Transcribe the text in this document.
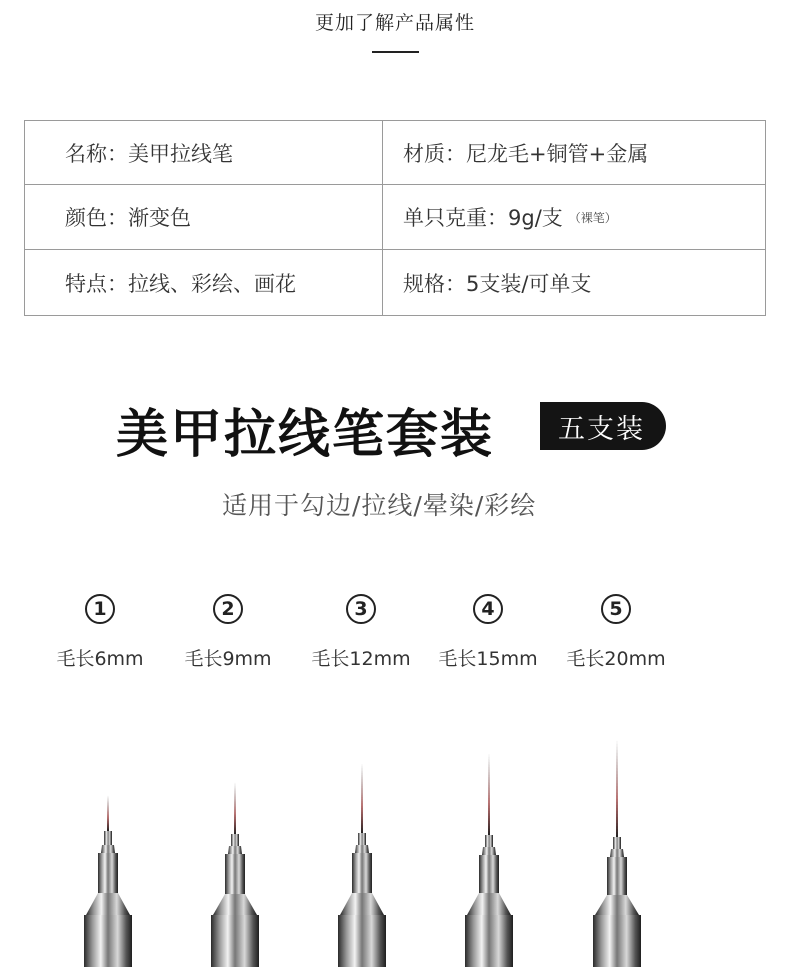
更加了解产品属性
名称：美甲拉线笔	材质：尼龙毛+铜管+金属
颜色：渐变色	单只克重：9g/支 （裸笔）
特点：拉线、彩绘、画花	规格：5支装/可单支
美甲拉线笔套装	五支装
适用于勾边/拉线/晕染/彩绘
1
毛长6mm
2
毛长9mm
3
毛长12mm
4
毛长15mm
5
毛长20mm
